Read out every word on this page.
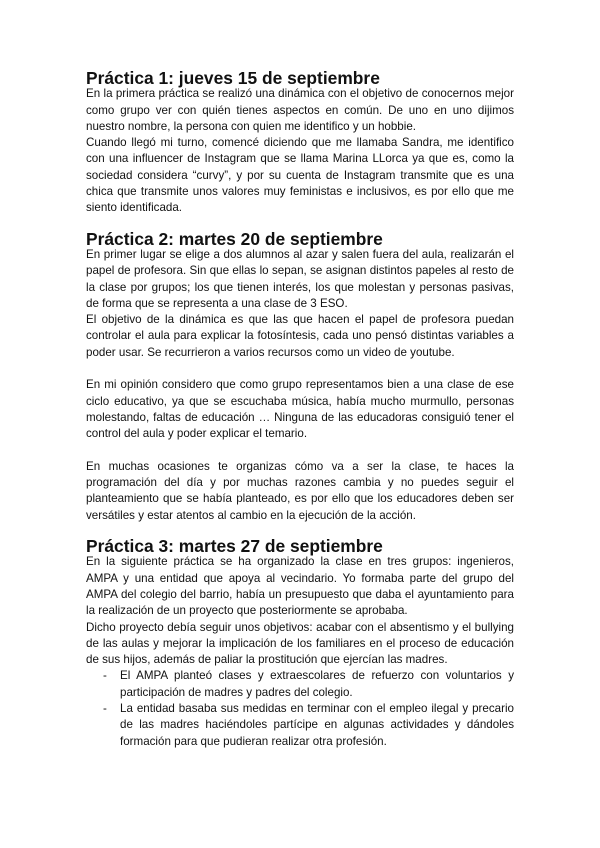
Práctica 1: jueves 15 de septiembre

En la primera práctica se realizó una dinámica con el objetivo de conocernos mejor como grupo ver con quién tienes aspectos en común. De uno en uno dijimos nuestro nombre, la persona con quien me identifico y un hobbie.

Cuando llegó mi turno, comencé diciendo que me llamaba Sandra, me identifico con una influencer de Instagram que se llama Marina LLorca ya que es, como la sociedad considera “curvy”, y por su cuenta de Instagram transmite que es una chica que transmite unos valores muy feministas e inclusivos, es por ello que me siento identificada.

Práctica 2: martes 20 de septiembre

En primer lugar se elige a dos alumnos al azar y salen fuera del aula, realizarán el papel de profesora. Sin que ellas lo sepan, se asignan distintos papeles al resto de la clase por grupos; los que tienen interés, los que molestan y personas pasivas, de forma que se representa a una clase de 3 ESO.

El objetivo de la dinámica es que las que hacen el papel de profesora puedan controlar el aula para explicar la fotosíntesis, cada uno pensó distintas variables a poder usar. Se recurrieron a varios recursos como un video de youtube.

En mi opinión considero que como grupo representamos bien a una clase de ese ciclo educativo, ya que se escuchaba música, había mucho murmullo, personas molestando, faltas de educación … Ninguna de las educadoras consiguió tener el control del aula y poder explicar el temario.

En muchas ocasiones te organizas cómo va a ser la clase, te haces la programación del día y por muchas razones cambia y no puedes seguir el planteamiento que se había planteado, es por ello que los educadores deben ser versátiles y estar atentos al cambio en la ejecución de la acción.

Práctica 3: martes 27 de septiembre

En la siguiente práctica se ha organizado la clase en tres grupos: ingenieros, AMPA y una entidad que apoya al vecindario. Yo formaba parte del grupo del AMPA del colegio del barrio, había un presupuesto que daba el ayuntamiento para la realización de un proyecto que posteriormente se aprobaba.

Dicho proyecto debía seguir unos objetivos: acabar con el absentismo y el bullying de las aulas y mejorar la implicación de los familiares en el proceso de educación de sus hijos, además de paliar la prostitución que ejercían las madres.

- El AMPA planteó clases y extraescolares de refuerzo con voluntarios y participación de madres y padres del colegio.
- La entidad basaba sus medidas en terminar con el empleo ilegal y precario de las madres haciéndoles partícipe en algunas actividades y dándoles formación para que pudieran realizar otra profesión.
